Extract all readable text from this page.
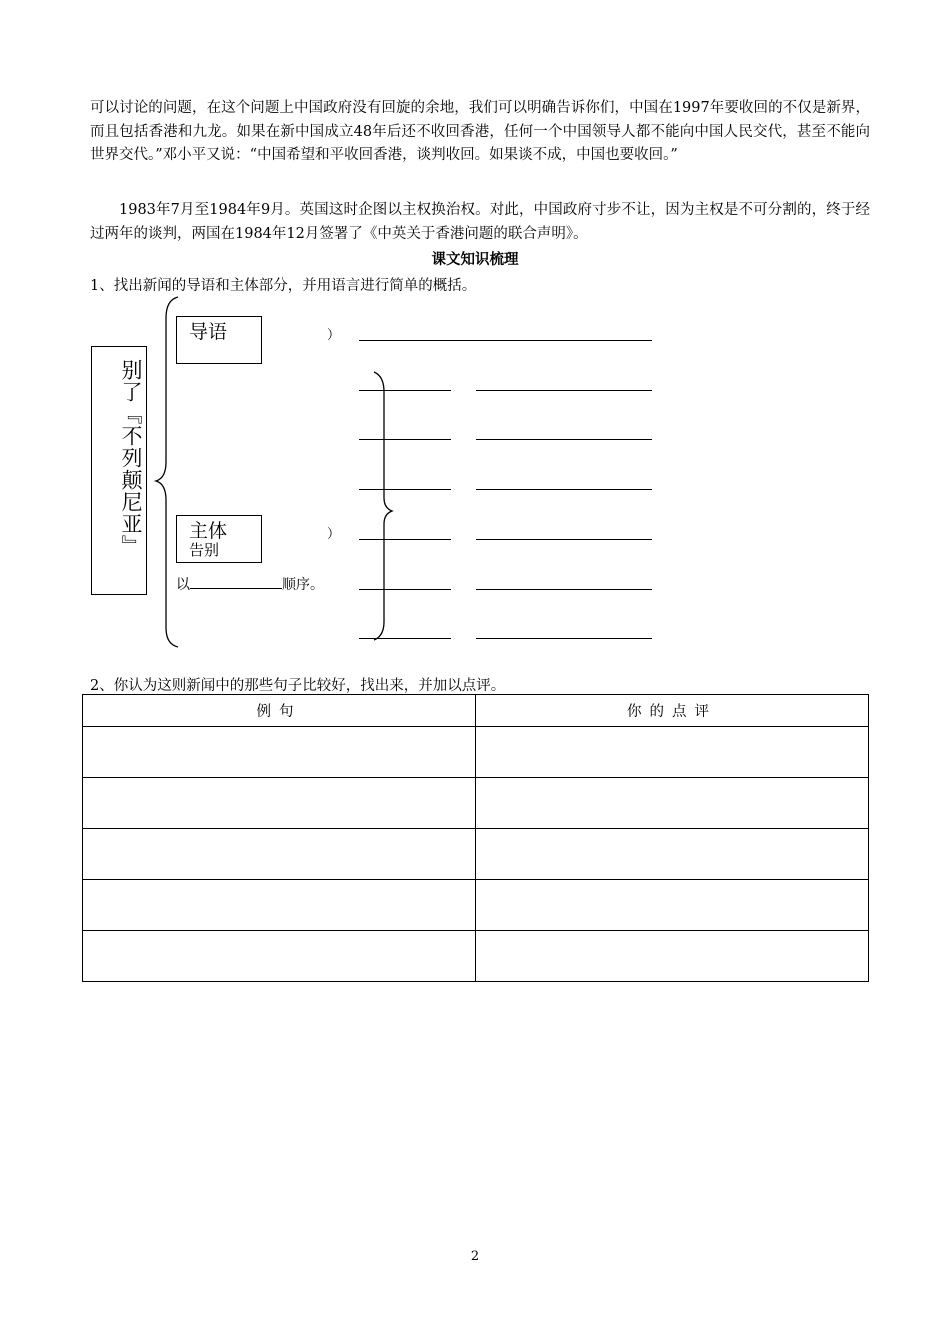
可以讨论的问题，在这个问题上中国政府没有回旋的余地，我们可以明确告诉你们，中国在1997年要收回的不仅是新界，而且包括香港和九龙。如果在新中国成立48年后还不收回香港，任何一个中国领导人都不能向中国人民交代，甚至不能向世界交代。”邓小平又说：“中国希望和平收回香港，谈判收回。如果谈不成，中国也要收回。”

1983年7月至1984年9月。英国这时企图以主权换治权。对此，中国政府寸步不让，因为主权是不可分割的，终于经过两年的谈判，两国在1984年12月签署了《中英关于香港问题的联合声明》。

课文知识梳理
1、找出新闻的导语和主体部分，并用语言进行简单的概括。
别了『不列颠尼亚』
导语	）
主体
告别
）
以	顺序。
2、你认为这则新闻中的那些句子比较好，找出来，并加以点评。
例句	你的点评

2
